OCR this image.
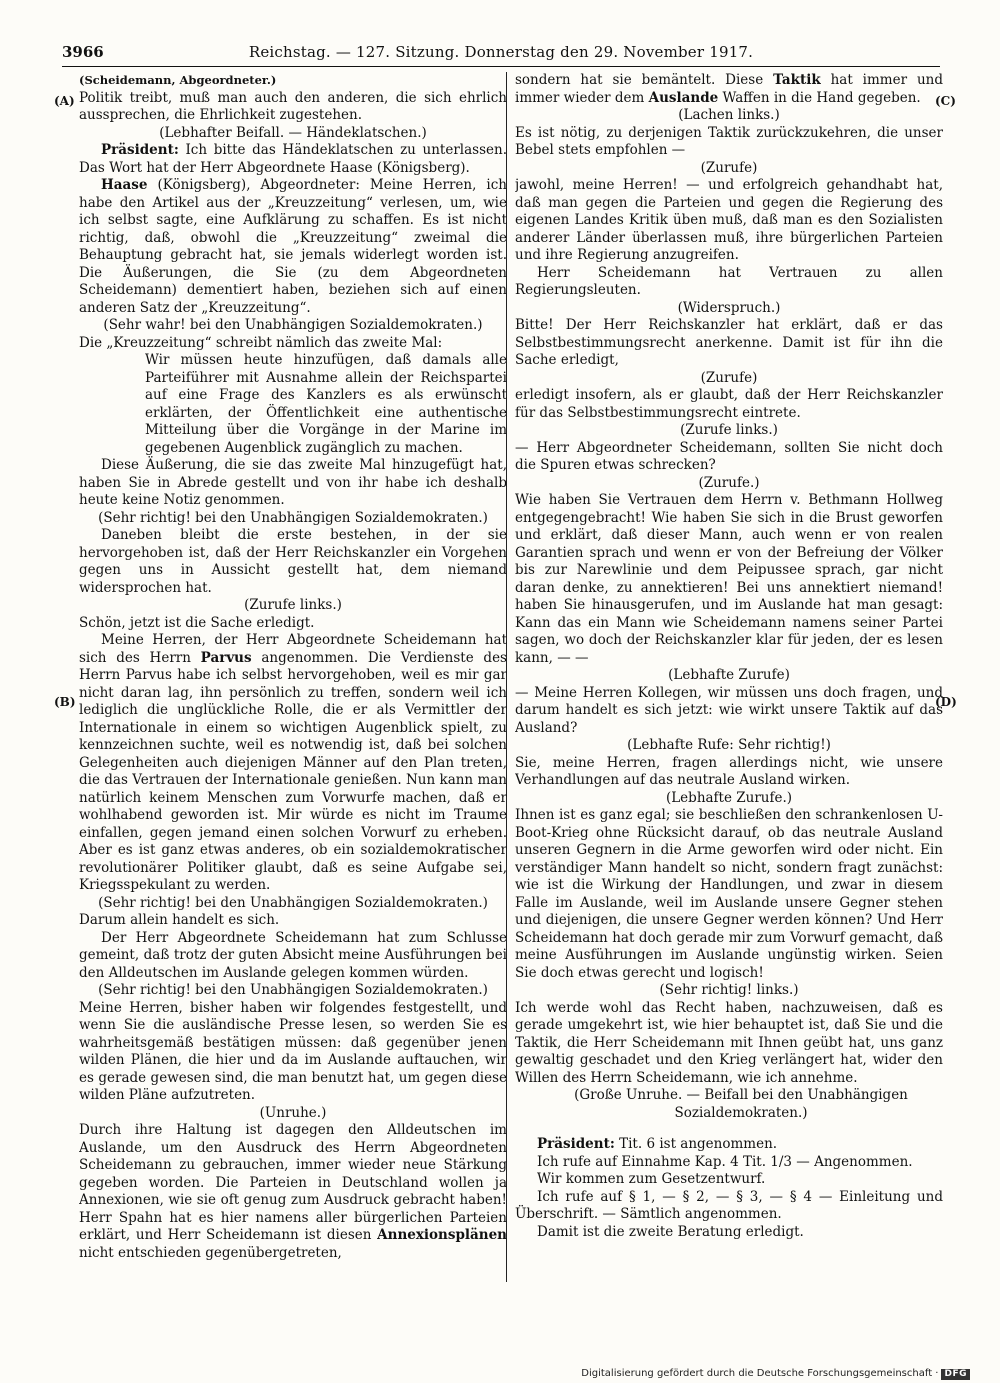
3966	Reichstag. — 127. Sitzung. Donnerstag den 29. November 1917.
(A)
(B)
(C)
(D)

(Scheidemann, Abgeordneter.)

Politik treibt, muß man auch den anderen, die sich ehrlich aussprechen, die Ehrlichkeit zugestehen.

(Lebhafter Beifall. — Händeklatschen.)

Präsident: Ich bitte das Händeklatschen zu unterlassen. Das Wort hat der Herr Abgeordnete Haase (Königsberg).

Haase (Königsberg), Abgeordneter: Meine Herren, ich habe den Artikel aus der „Kreuzzeitung“ verlesen, um, wie ich selbst sagte, eine Aufklärung zu schaffen. Es ist nicht richtig, daß, obwohl die „Kreuzzeitung“ zweimal die Behauptung gebracht hat, sie jemals widerlegt worden ist. Die Äußerungen, die Sie (zu dem Abgeordneten Scheidemann) dementiert haben, beziehen sich auf einen anderen Satz der „Kreuzzeitung“.

(Sehr wahr! bei den Unabhängigen Sozialdemokraten.)

Die „Kreuzzeitung“ schreibt nämlich das zweite Mal:

Wir müssen heute hinzufügen, daß damals alle Parteiführer mit Ausnahme allein der Reichspartei auf eine Frage des Kanzlers es als erwünscht erklärten, der Öffentlichkeit eine authentische Mitteilung über die Vorgänge in der Marine im gegebenen Augenblick zugänglich zu machen.

Diese Äußerung, die sie das zweite Mal hinzugefügt hat, haben Sie in Abrede gestellt und von ihr habe ich deshalb heute keine Notiz genommen.

(Sehr richtig! bei den Unabhängigen Sozialdemokraten.)

Daneben bleibt die erste bestehen, in der sie hervorgehoben ist, daß der Herr Reichskanzler ein Vorgehen gegen uns in Aussicht gestellt hat, dem niemand widersprochen hat.

(Zurufe links.)

Schön, jetzt ist die Sache erledigt.

Meine Herren, der Herr Abgeordnete Scheidemann hat sich des Herrn Parvus angenommen. Die Verdienste des Herrn Parvus habe ich selbst hervorgehoben, weil es mir gar nicht daran lag, ihn persönlich zu treffen, sondern weil ich lediglich die unglückliche Rolle, die er als Vermittler der Internationale in einem so wichtigen Augenblick spielt, zu kennzeichnen suchte, weil es notwendig ist, daß bei solchen Gelegenheiten auch diejenigen Männer auf den Plan treten, die das Vertrauen der Internationale genießen. Nun kann man natürlich keinem Menschen zum Vorwurfe machen, daß er wohlhabend geworden ist. Mir würde es nicht im Traume einfallen, gegen jemand einen solchen Vorwurf zu erheben. Aber es ist ganz etwas anderes, ob ein sozialdemokratischer revolutionärer Politiker glaubt, daß es seine Aufgabe sei, Kriegsspekulant zu werden.

(Sehr richtig! bei den Unabhängigen Sozialdemokraten.)

Darum allein handelt es sich.

Der Herr Abgeordnete Scheidemann hat zum Schlusse gemeint, daß trotz der guten Absicht meine Ausführungen bei den Alldeutschen im Auslande gelegen kommen würden.

(Sehr richtig! bei den Unabhängigen Sozialdemokraten.)

Meine Herren, bisher haben wir folgendes festgestellt, und wenn Sie die ausländische Presse lesen, so werden Sie es wahrheitsgemäß bestätigen müssen: daß gegenüber jenen wilden Plänen, die hier und da im Auslande auftauchen, wir es gerade gewesen sind, die man benutzt hat, um gegen diese wilden Pläne aufzutreten.

(Unruhe.)

Durch ihre Haltung ist dagegen den Alldeutschen im Auslande, um den Ausdruck des Herrn Abgeordneten Scheidemann zu gebrauchen, immer wieder neue Stärkung gegeben worden. Die Parteien in Deutschland wollen ja Annexionen, wie sie oft genug zum Ausdruck gebracht haben! Herr Spahn hat es hier namens aller bürgerlichen Parteien erklärt, und Herr Scheidemann ist diesen Annexionsplänen nicht entschieden gegenübergetreten,

sondern hat sie bemäntelt. Diese Taktik hat immer und immer wieder dem Auslande Waffen in die Hand gegeben.

(Lachen links.)

Es ist nötig, zu derjenigen Taktik zurückzukehren, die unser Bebel stets empfohlen —

(Zurufe)

jawohl, meine Herren! — und erfolgreich gehandhabt hat, daß man gegen die Parteien und gegen die Regierung des eigenen Landes Kritik üben muß, daß man es den Sozialisten anderer Länder überlassen muß, ihre bürgerlichen Parteien und ihre Regierung anzugreifen.

Herr Scheidemann hat Vertrauen zu allen Regierungsleuten.

(Widerspruch.)

Bitte! Der Herr Reichskanzler hat erklärt, daß er das Selbstbestimmungsrecht anerkenne. Damit ist für ihn die Sache erledigt,

(Zurufe)

erledigt insofern, als er glaubt, daß der Herr Reichskanzler für das Selbstbestimmungsrecht eintrete.

(Zurufe links.)

— Herr Abgeordneter Scheidemann, sollten Sie nicht doch die Spuren etwas schrecken?

(Zurufe.)

Wie haben Sie Vertrauen dem Herrn v. Bethmann Hollweg entgegengebracht! Wie haben Sie sich in die Brust geworfen und erklärt, daß dieser Mann, auch wenn er von realen Garantien sprach und wenn er von der Befreiung der Völker bis zur Narewlinie und dem Peipussee sprach, gar nicht daran denke, zu annektieren! Bei uns annektiert niemand! haben Sie hinausgerufen, und im Auslande hat man gesagt: Kann das ein Mann wie Scheidemann namens seiner Partei sagen, wo doch der Reichskanzler klar für jeden, der es lesen kann, — —

(Lebhafte Zurufe)

— Meine Herren Kollegen, wir müssen uns doch fragen, und darum handelt es sich jetzt: wie wirkt unsere Taktik auf das Ausland?

(Lebhafte Rufe: Sehr richtig!)

Sie, meine Herren, fragen allerdings nicht, wie unsere Verhandlungen auf das neutrale Ausland wirken.

(Lebhafte Zurufe.)

Ihnen ist es ganz egal; sie beschließen den schrankenlosen U-Boot-Krieg ohne Rücksicht darauf, ob das neutrale Ausland unseren Gegnern in die Arme geworfen wird oder nicht. Ein verständiger Mann handelt so nicht, sondern fragt zunächst: wie ist die Wirkung der Handlungen, und zwar in diesem Falle im Auslande, weil im Auslande unsere Gegner stehen und diejenigen, die unsere Gegner werden können? Und Herr Scheidemann hat doch gerade mir zum Vorwurf gemacht, daß meine Ausführungen im Auslande ungünstig wirken. Seien Sie doch etwas gerecht und logisch!

(Sehr richtig! links.)

Ich werde wohl das Recht haben, nachzuweisen, daß es gerade umgekehrt ist, wie hier behauptet ist, daß Sie und die Taktik, die Herr Scheidemann mit Ihnen geübt hat, uns ganz gewaltig geschadet und den Krieg verlängert hat, wider den Willen des Herrn Scheidemann, wie ich annehme.

(Große Unruhe. — Beifall bei den Unabhängigen Sozialdemokraten.)

Präsident: Tit. 6 ist angenommen.

Ich rufe auf Einnahme Kap. 4 Tit. 1/3 — Angenommen.

Wir kommen zum Gesetzentwurf.

Ich rufe auf § 1, — § 2, — § 3, — § 4 — Einleitung und Überschrift. — Sämtlich angenommen.

Damit ist die zweite Beratung erledigt.

Digitalisierung gefördert durch die Deutsche Forschungsgemeinschaft · DFG
